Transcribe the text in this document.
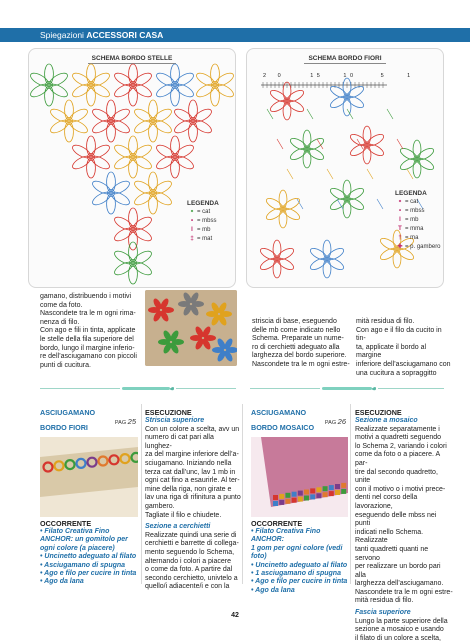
Spiegazioni ACCESSORI CASA
SCHEMA BORDO STELLE
LEGENDA
⚬ = cat
• = mbss
I = mb
‡ = mat
SCHEMA BORDO FIORI
2 0	1 5	1 0	5	1
LEGENDA
⚬ = cat
• = mbss
I = mb
T = mma
† = ma
✚ = p. gambero
gamano, distribuendo i motivi
come da foto.
Nascondete tra le m ogni rima-
nenza di filo.
Con ago e fili in tinta, applicate
le stelle della fila superiore del
bordo, lungo il margine inferio-
re dell’asciugamano con piccoli
punti di cucitura.
striscia di base, eseguendo
delle mb come indicato nello
Schema. Preparate un nume-
ro di cerchietti adeguato alla
larghezza del bordo superiore.
Nascondete tra le m ogni estre-
mità residua di filo.
Con ago e il filo da cucito in tin-
ta, applicate il bordo al margine
inferiore dell’asciugamano con
una cucitura a sopraggitto
ASCIUGAMANO
BORDO FIORI	PAG 25
OCCORRENTE
• Filato Creativa Fino
ANCHOR: un gomitolo per
ogni colore (a piacere)
• Uncinetto adeguato al filato
• Asciugamano di spugna
• Ago e filo per cucire in tinta
• Ago da lana
ESECUZIONE
Striscia superiore
Con un colore a scelta, avv un
numero di cat pari alla lunghez-
za del margine inferiore dell’a-
sciugamano. Iniziando nella
terza cat dall’unc, lav 1 mb in
ogni cat fino a esaurirle. Al ter-
mine della riga, non girate e
lav una riga di rifinitura a punto
gambero.
Tagliate il filo e chiudete.
Sezione a cerchietti
Realizzate quindi una serie di
cerchietti e barrette di collega-
mento seguendo lo Schema,
alternando i colori a piacere
o come da foto. A partire dal
secondo cerchietto, univtelo a
quello/i adiacente/i e con la
ASCIUGAMANO
BORDO MOSAICO PAG 26
OCCORRENTE
• Filato Creativa Fino ANCHOR:
1 gom per ogni colore (vedi
foto)
• Uncinetto adeguato al filato
• 1 asciugamano di spugna
• Ago e filo per cucire in tinta
• Ago da lana
ESECUZIONE
Sezione a mosaico
Realizzate separatamente i
motivi a quadretti seguendo
lo Schema 2, variando i colori
come da foto o a piacere. A par-
tire dal secondo quadretto, unite
con il motivo o i motivi prece-
denti nel corso della lavorazione,
eseguendo delle mbss nei punti
indicati nello Schema. Realizzate
tanti quadretti quanti ne servono
per realizzare un bordo pari alla
larghezza dell’asciugamano.
Nascondete tra le m ogni estre-
mità residua di filo.
Fascia superiore
Lungo la parte superiore della
sezione a mosaico e usando
il filato di un colore a scelta,
42
